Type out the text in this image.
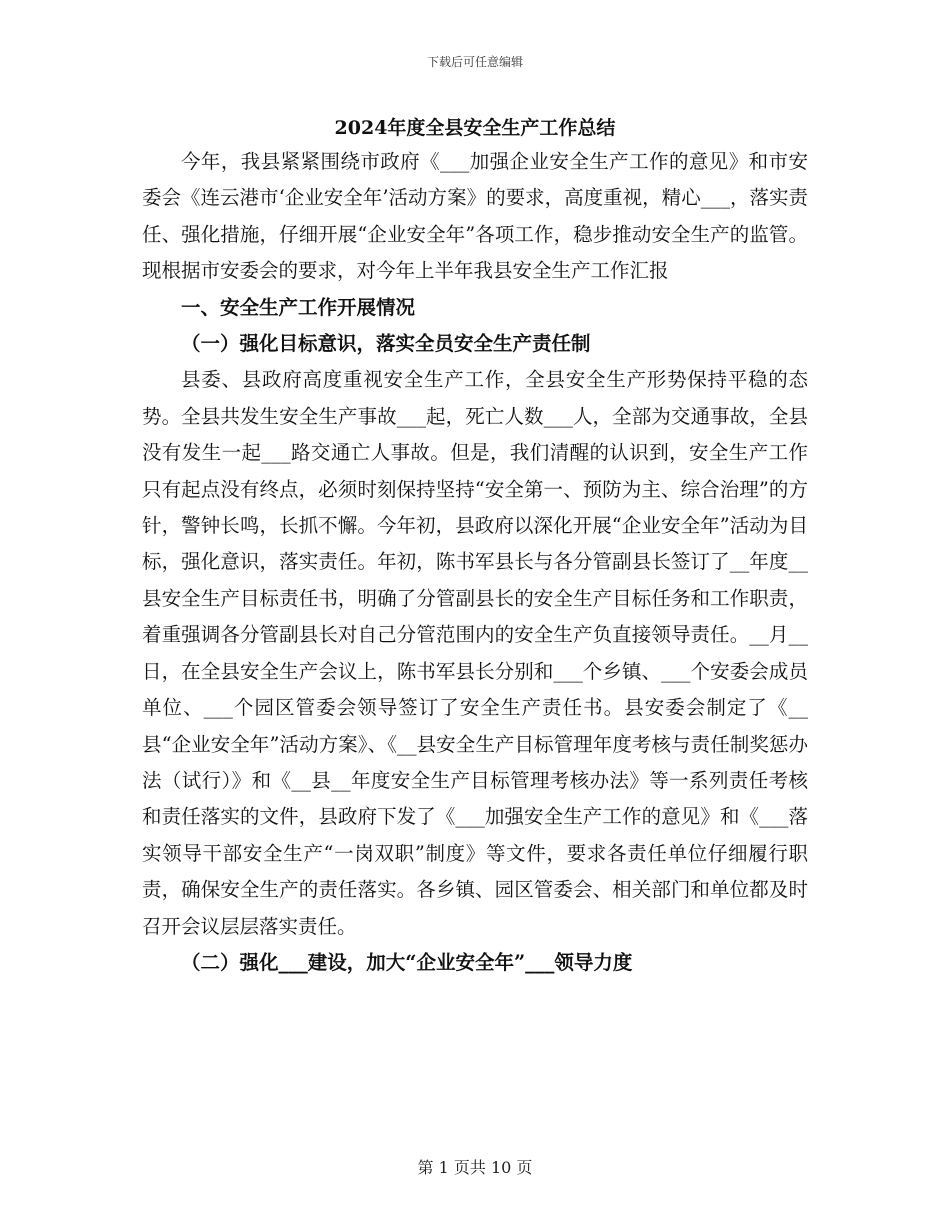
下载后可任意编辑
2024年度全县安全生产工作总结

今年，我县紧紧围绕市政府《___加强企业安全生产工作的意见》和市安委会《连云港市‘企业安全年’活动方案》的要求，高度重视，精心___，落实责任、强化措施，仔细开展“企业安全年”各项工作，稳步推动安全生产的监管。现根据市安委会的要求，对今年上半年我县安全生产工作汇报

一、安全生产工作开展情况

（一）强化目标意识，落实全员安全生产责任制

县委、县政府高度重视安全生产工作，全县安全生产形势保持平稳的态势。全县共发生安全生产事故___起，死亡人数___人，全部为交通事故，全县没有发生一起___路交通亡人事故。但是，我们清醒的认识到，安全生产工作只有起点没有终点，必须时刻保持坚持“安全第一、预防为主、综合治理”的方针，警钟长鸣，长抓不懈。今年初，县政府以深化开展“企业安全年”活动为目标，强化意识，落实责任。年初，陈书军县长与各分管副县长签订了__年度__县安全生产目标责任书，明确了分管副县长的安全生产目标任务和工作职责，着重强调各分管副县长对自己分管范围内的安全生产负直接领导责任。__月__日，在全县安全生产会议上，陈书军县长分别和___个乡镇、___个安委会成员单位、___个园区管委会领导签订了安全生产责任书。县安委会制定了《__县“企业安全年”活动方案》、《__县安全生产目标管理年度考核与责任制奖惩办法（试行）》和《__县__年度安全生产目标管理考核办法》等一系列责任考核和责任落实的文件，县政府下发了《___加强安全生产工作的意见》和《___落实领导干部安全生产“一岗双职”制度》等文件，要求各责任单位仔细履行职责，确保安全生产的责任落实。各乡镇、园区管委会、相关部门和单位都及时召开会议层层落实责任。

（二）强化___建设，加大“企业安全年”___领导力度

第 1 页共 10 页
